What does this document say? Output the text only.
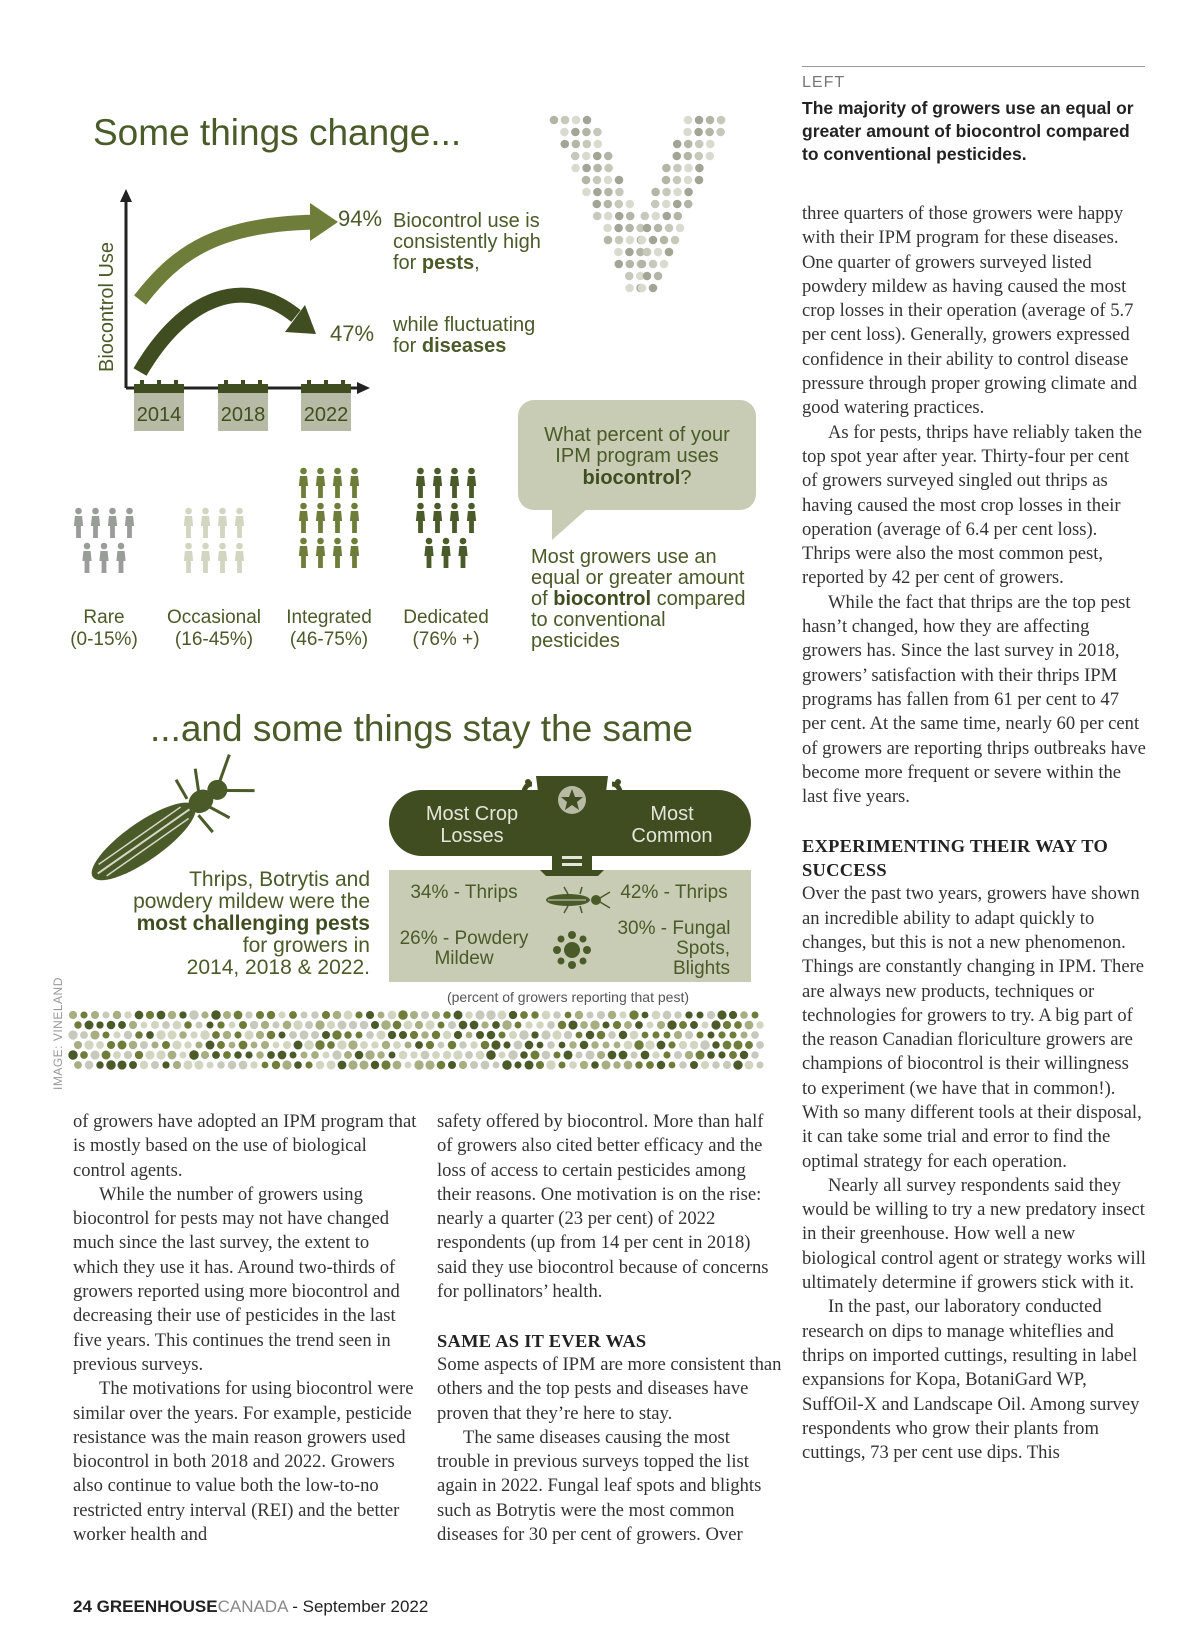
Some things change...
Biocontrol Use
2014 2018 2022
94% Biocontrol use is
consistently high
for pests,
47% while fluctuating
for diseases
What percent of your
IPM program uses
biocontrol?
Rare
(0-15%)
Occasional
(16-45%)
Integrated
(46-75%)
Dedicated
(76% +)
Most growers use an
equal or greater amount
of biocontrol compared
to conventional
pesticides
...and some things stay the same
Thrips, Botrytis and
powdery mildew were the
most challenging pests
for growers in
2014, 2018 & 2022.
Most Crop
Losses
Most
Common
34% - Thrips	42% - Thrips
26% - Powdery
Mildew
30% - Fungal
Spots,
Blights
(percent of growers reporting that pest)
IMAGE: VINELAND
LEFT
The majority of growers use an equal or greater amount of biocontrol compared to conventional pesticides.

of growers have adopted an IPM program that is mostly based on the use of biological control agents.

While the number of growers using biocontrol for pests may not have changed much since the last survey, the extent to which they use it has. Around two-thirds of growers reported using more biocontrol and decreasing their use of pesticides in the last five years. This continues the trend seen in previous surveys.

The motivations for using biocontrol were similar over the years. For example, pesticide resistance was the main reason growers used biocontrol in both 2018 and 2022. Growers also continue to value both the low-to-no restricted entry interval (REI) and the better worker health and

safety offered by biocontrol. More than half of growers also cited better efficacy and the loss of access to certain pesticides among their reasons. One motivation is on the rise: nearly a quarter (23 per cent) of 2022 respondents (up from 14 per cent in 2018) said they use biocontrol because of concerns for pollinators’ health.

SAME AS IT EVER WAS

Some aspects of IPM are more consistent than others and the top pests and diseases have proven that they’re here to stay.

The same diseases causing the most trouble in previous surveys topped the list again in 2022. Fungal leaf spots and blights such as Botrytis were the most common diseases for 30 per cent of growers. Over

three quarters of those growers were happy with their IPM program for these diseases. One quarter of growers surveyed listed powdery mildew as having caused the most crop losses in their operation (average of 5.7 per cent loss). Generally, growers expressed confidence in their ability to control disease pressure through proper growing climate and good watering practices.

As for pests, thrips have reliably taken the top spot year after year. Thirty-four per cent of growers surveyed singled out thrips as having caused the most crop losses in their operation (average of 6.4 per cent loss). Thrips were also the most common pest, reported by 42 per cent of growers.

While the fact that thrips are the top pest hasn’t changed, how they are affecting growers has. Since the last survey in 2018, growers’ satisfaction with their thrips IPM programs has fallen from 61 per cent to 47 per cent. At the same time, nearly 60 per cent of growers are reporting thrips outbreaks have become more frequent or severe within the last five years.

EXPERIMENTING THEIR WAY TO SUCCESS

Over the past two years, growers have shown an incredible ability to adapt quickly to changes, but this is not a new phenomenon. Things are constantly changing in IPM. There are always new products, techniques or technologies for growers to try. A big part of the reason Canadian floriculture growers are champions of biocontrol is their willingness to experiment (we have that in common!). With so many different tools at their disposal, it can take some trial and error to find the optimal strategy for each operation.

Nearly all survey respondents said they would be willing to try a new predatory insect in their greenhouse. How well a new biological control agent or strategy works will ultimately determine if growers stick with it.

In the past, our laboratory conducted research on dips to manage whiteflies and thrips on imported cuttings, resulting in label expansions for Kopa, BotaniGard WP, SuffOil-X and Landscape Oil. Among survey respondents who grow their plants from cuttings, 73 per cent use dips. This

24 GREENHOUSECANADA - September 2022
